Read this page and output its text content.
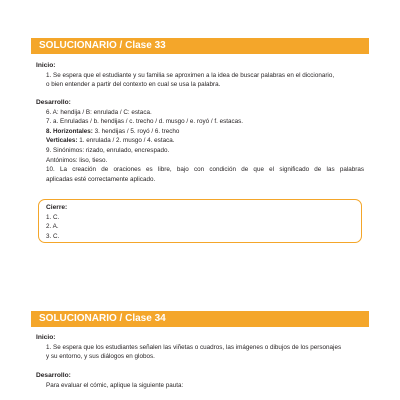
SOLUCIONARIO / Clase 33
Inicio:
1. Se espera que el estudiante y su familia se aproximen a la idea de buscar palabras en el diccionario,
o bien entender a partir del contexto en cual se usa la palabra.
Desarrollo:
6. A: hendija / B: enrulada / C: estaca.
7. a. Enruladas / b. hendijas / c. trecho / d. musgo / e. royó / f. estacas.
8. Horizontales: 3. hendijas / 5. royó / 6. trecho
Verticales: 1. enrulada / 2. musgo / 4. estaca.
9. Sinónimos: rizado, enrulado, encrespado.
Antónimos: liso, tieso.
10. La creación de oraciones es libre, bajo con condición de que el significado de las palabras
aplicadas esté correctamente aplicado.
Cierre:
1. C.
2. A.
3. C.
SOLUCIONARIO / Clase 34
Inicio:
1. Se espera que los estudiantes señalen las viñetas o cuadros, las imágenes o dibujos de los personajes
y su entorno, y sus diálogos en globos.
Desarrollo:
Para evaluar el cómic, aplique la siguiente pauta:
